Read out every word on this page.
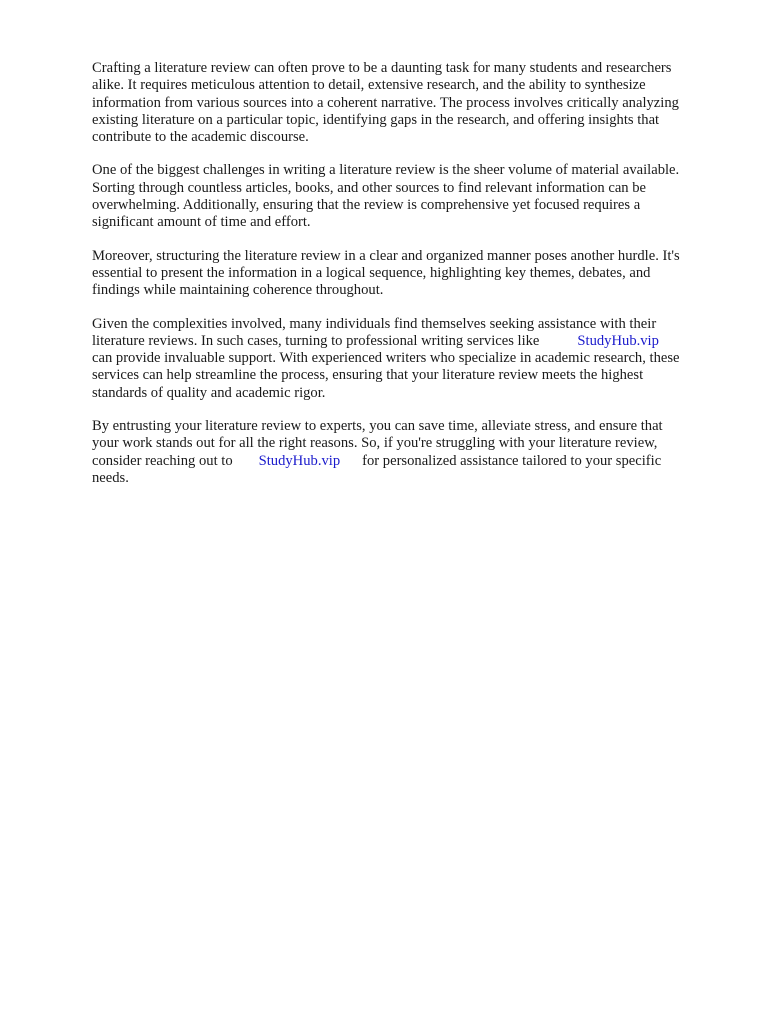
Crafting a literature review can often prove to be a daunting task for many students and researchers
alike. It requires meticulous attention to detail, extensive research, and the ability to synthesize
information from various sources into a coherent narrative. The process involves critically analyzing
existing literature on a particular topic, identifying gaps in the research, and offering insights that
contribute to the academic discourse.

One of the biggest challenges in writing a literature review is the sheer volume of material available.
Sorting through countless articles, books, and other sources to find relevant information can be
overwhelming. Additionally, ensuring that the review is comprehensive yet focused requires a
significant amount of time and effort.

Moreover, structuring the literature review in a clear and organized manner poses another hurdle. It's
essential to present the information in a logical sequence, highlighting key themes, debates, and
findings while maintaining coherence throughout.

Given the complexities involved, many individuals find themselves seeking assistance with their
literature reviews. In such cases, turning to professional writing services like	StudyHub.vip
can provide invaluable support. With experienced writers who specialize in academic research, these
services can help streamline the process, ensuring that your literature review meets the highest
standards of quality and academic rigor.

By entrusting your literature review to experts, you can save time, alleviate stress, and ensure that
your work stands out for all the right reasons. So, if you're struggling with your literature review,
consider reaching out to StudyHub.vip for personalized assistance tailored to your specific
needs.
